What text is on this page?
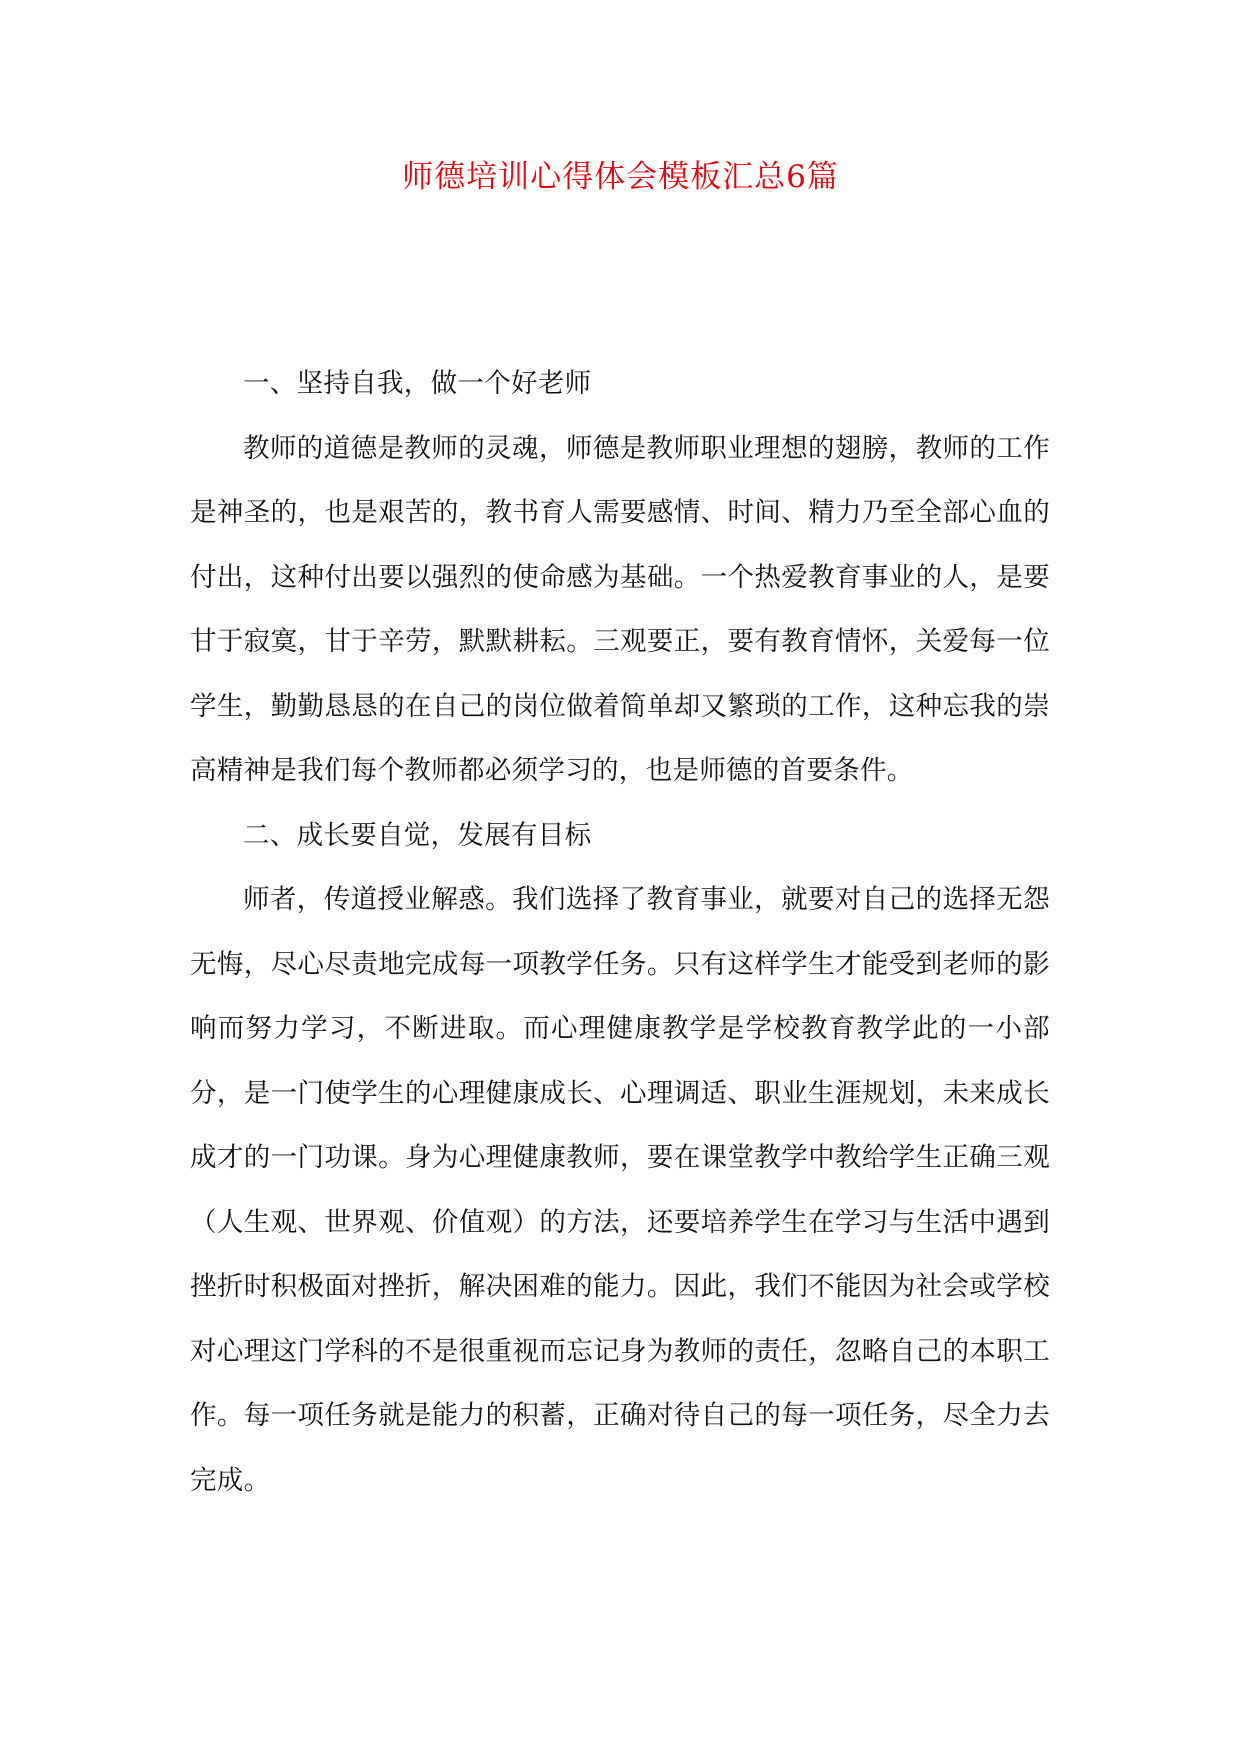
师德培训心得体会模板汇总6篇

一、坚持自我，做一个好老师

教师的道德是教师的灵魂，师德是教师职业理想的翅膀，教师的工作是神圣的，也是艰苦的，教书育人需要感情、时间、精力乃至全部心血的付出，这种付出要以强烈的使命感为基础。一个热爱教育事业的人，是要甘于寂寞，甘于辛劳，默默耕耘。三观要正，要有教育情怀，关爱每一位学生，勤勤恳恳的在自己的岗位做着简单却又繁琐的工作，这种忘我的崇高精神是我们每个教师都必须学习的，也是师德的首要条件。

二、成长要自觉，发展有目标

师者，传道授业解惑。我们选择了教育事业，就要对自己的选择无怨无悔，尽心尽责地完成每一项教学任务。只有这样学生才能受到老师的影响而努力学习，不断进取。而心理健康教学是学校教育教学此的一小部分，是一门使学生的心理健康成长、心理调适、职业生涯规划，未来成长成才的一门功课。身为心理健康教师，要在课堂教学中教给学生正确三观（人生观、世界观、价值观）的方法，还要培养学生在学习与生活中遇到挫折时积极面对挫折，解决困难的能力。因此，我们不能因为社会或学校对心理这门学科的不是很重视而忘记身为教师的责任，忽略自己的本职工作。每一项任务就是能力的积蓄，正确对待自己的每一项任务，尽全力去完成。
